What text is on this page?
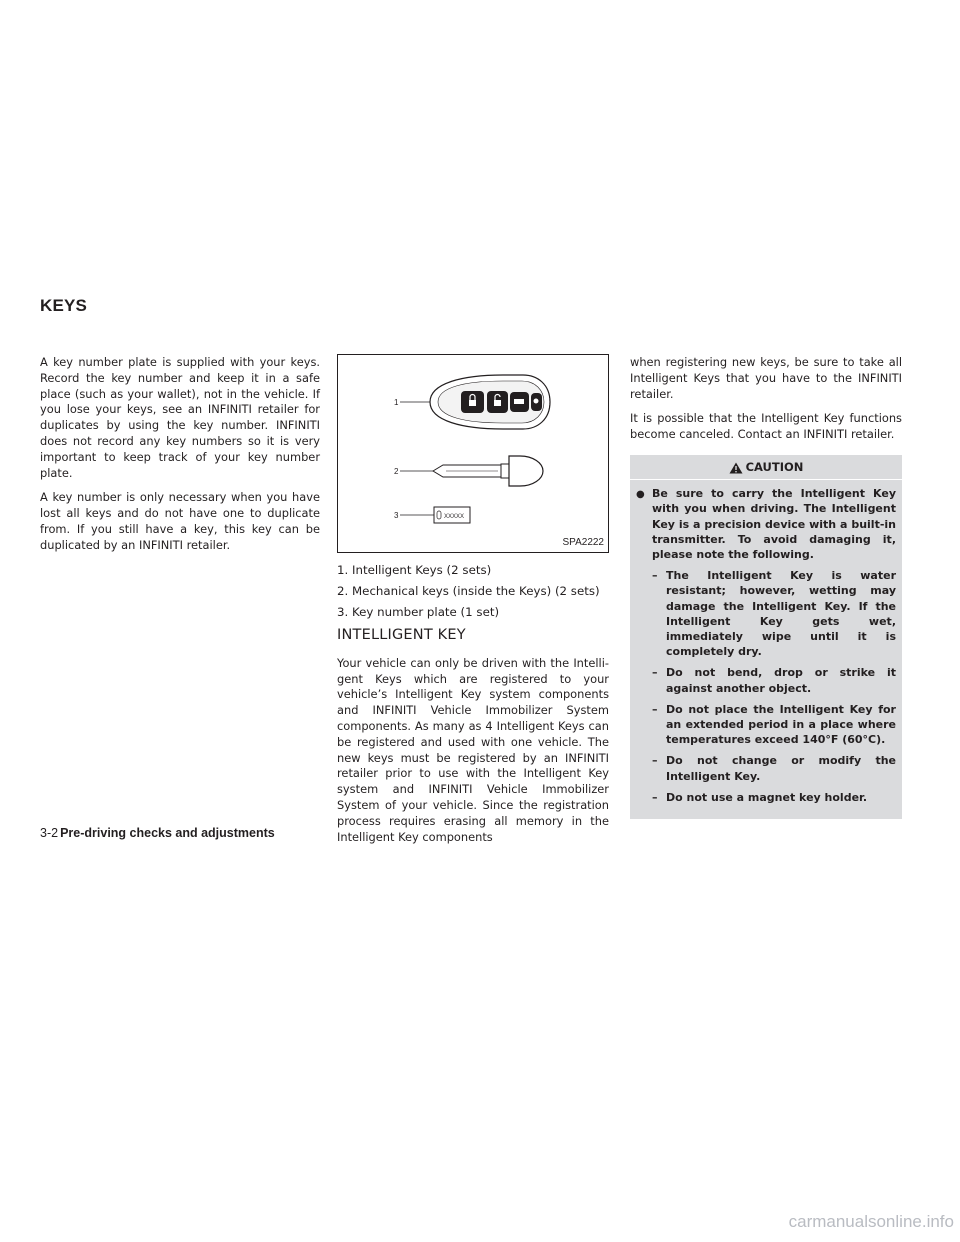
KEYS

A key number plate is supplied with your keys. Record the key number and keep it in a safe place (such as your wallet), not in the vehicle. If you lose your keys, see an INFINITI retailer for duplicates by using the key number. INFINITI does not record any key numbers so it is very important to keep track of your key number plate.

A key number is only necessary when you have lost all keys and do not have one to duplicate from. If you still have a key, this key can be duplicated by an INFINITI retailer.

1
2
3	XXXXX
SPA2222
1. Intelligent Keys (2 sets)
2. Mechanical keys (inside the Keys) (2 sets)
3. Key number plate (1 set)
INTELLIGENT KEY

Your vehicle can only be driven with the Intelligent Keys which are registered to your vehicle’s Intelligent Key system components and INFINITI Vehicle Immobilizer System components. As many as 4 Intelligent Keys can be registered and used with one vehicle. The new keys must be registered by an INFINITI retailer prior to use with the Intelligent Key system and INFINITI Vehicle Immobilizer System of your vehicle. Since the registration process requires erasing all memory in the Intelligent Key components

when registering new keys, be sure to take all Intelligent Keys that you have to the INFINITI retailer.

It is possible that the Intelligent Key functions become canceled. Contact an INFINITI retailer.

CAUTION
● Be sure to carry the Intelligent Key with you when driving. The Intelligent Key is a precision device with a built-in transmitter. To avoid damaging it, please note the following.
– The Intelligent Key is water resistant; however, wetting may damage the Intelligent Key. If the Intelligent Key gets wet, immediately wipe until it is completely dry.
– Do not bend, drop or strike it against another object.
– Do not place the Intelligent Key for an extended period in a place where temperatures exceed 140°F (60°C).
– Do not change or modify the Intelligent Key.
– Do not use a magnet key holder.
3-2 Pre-driving checks and adjustments
carmanualsonline.info
